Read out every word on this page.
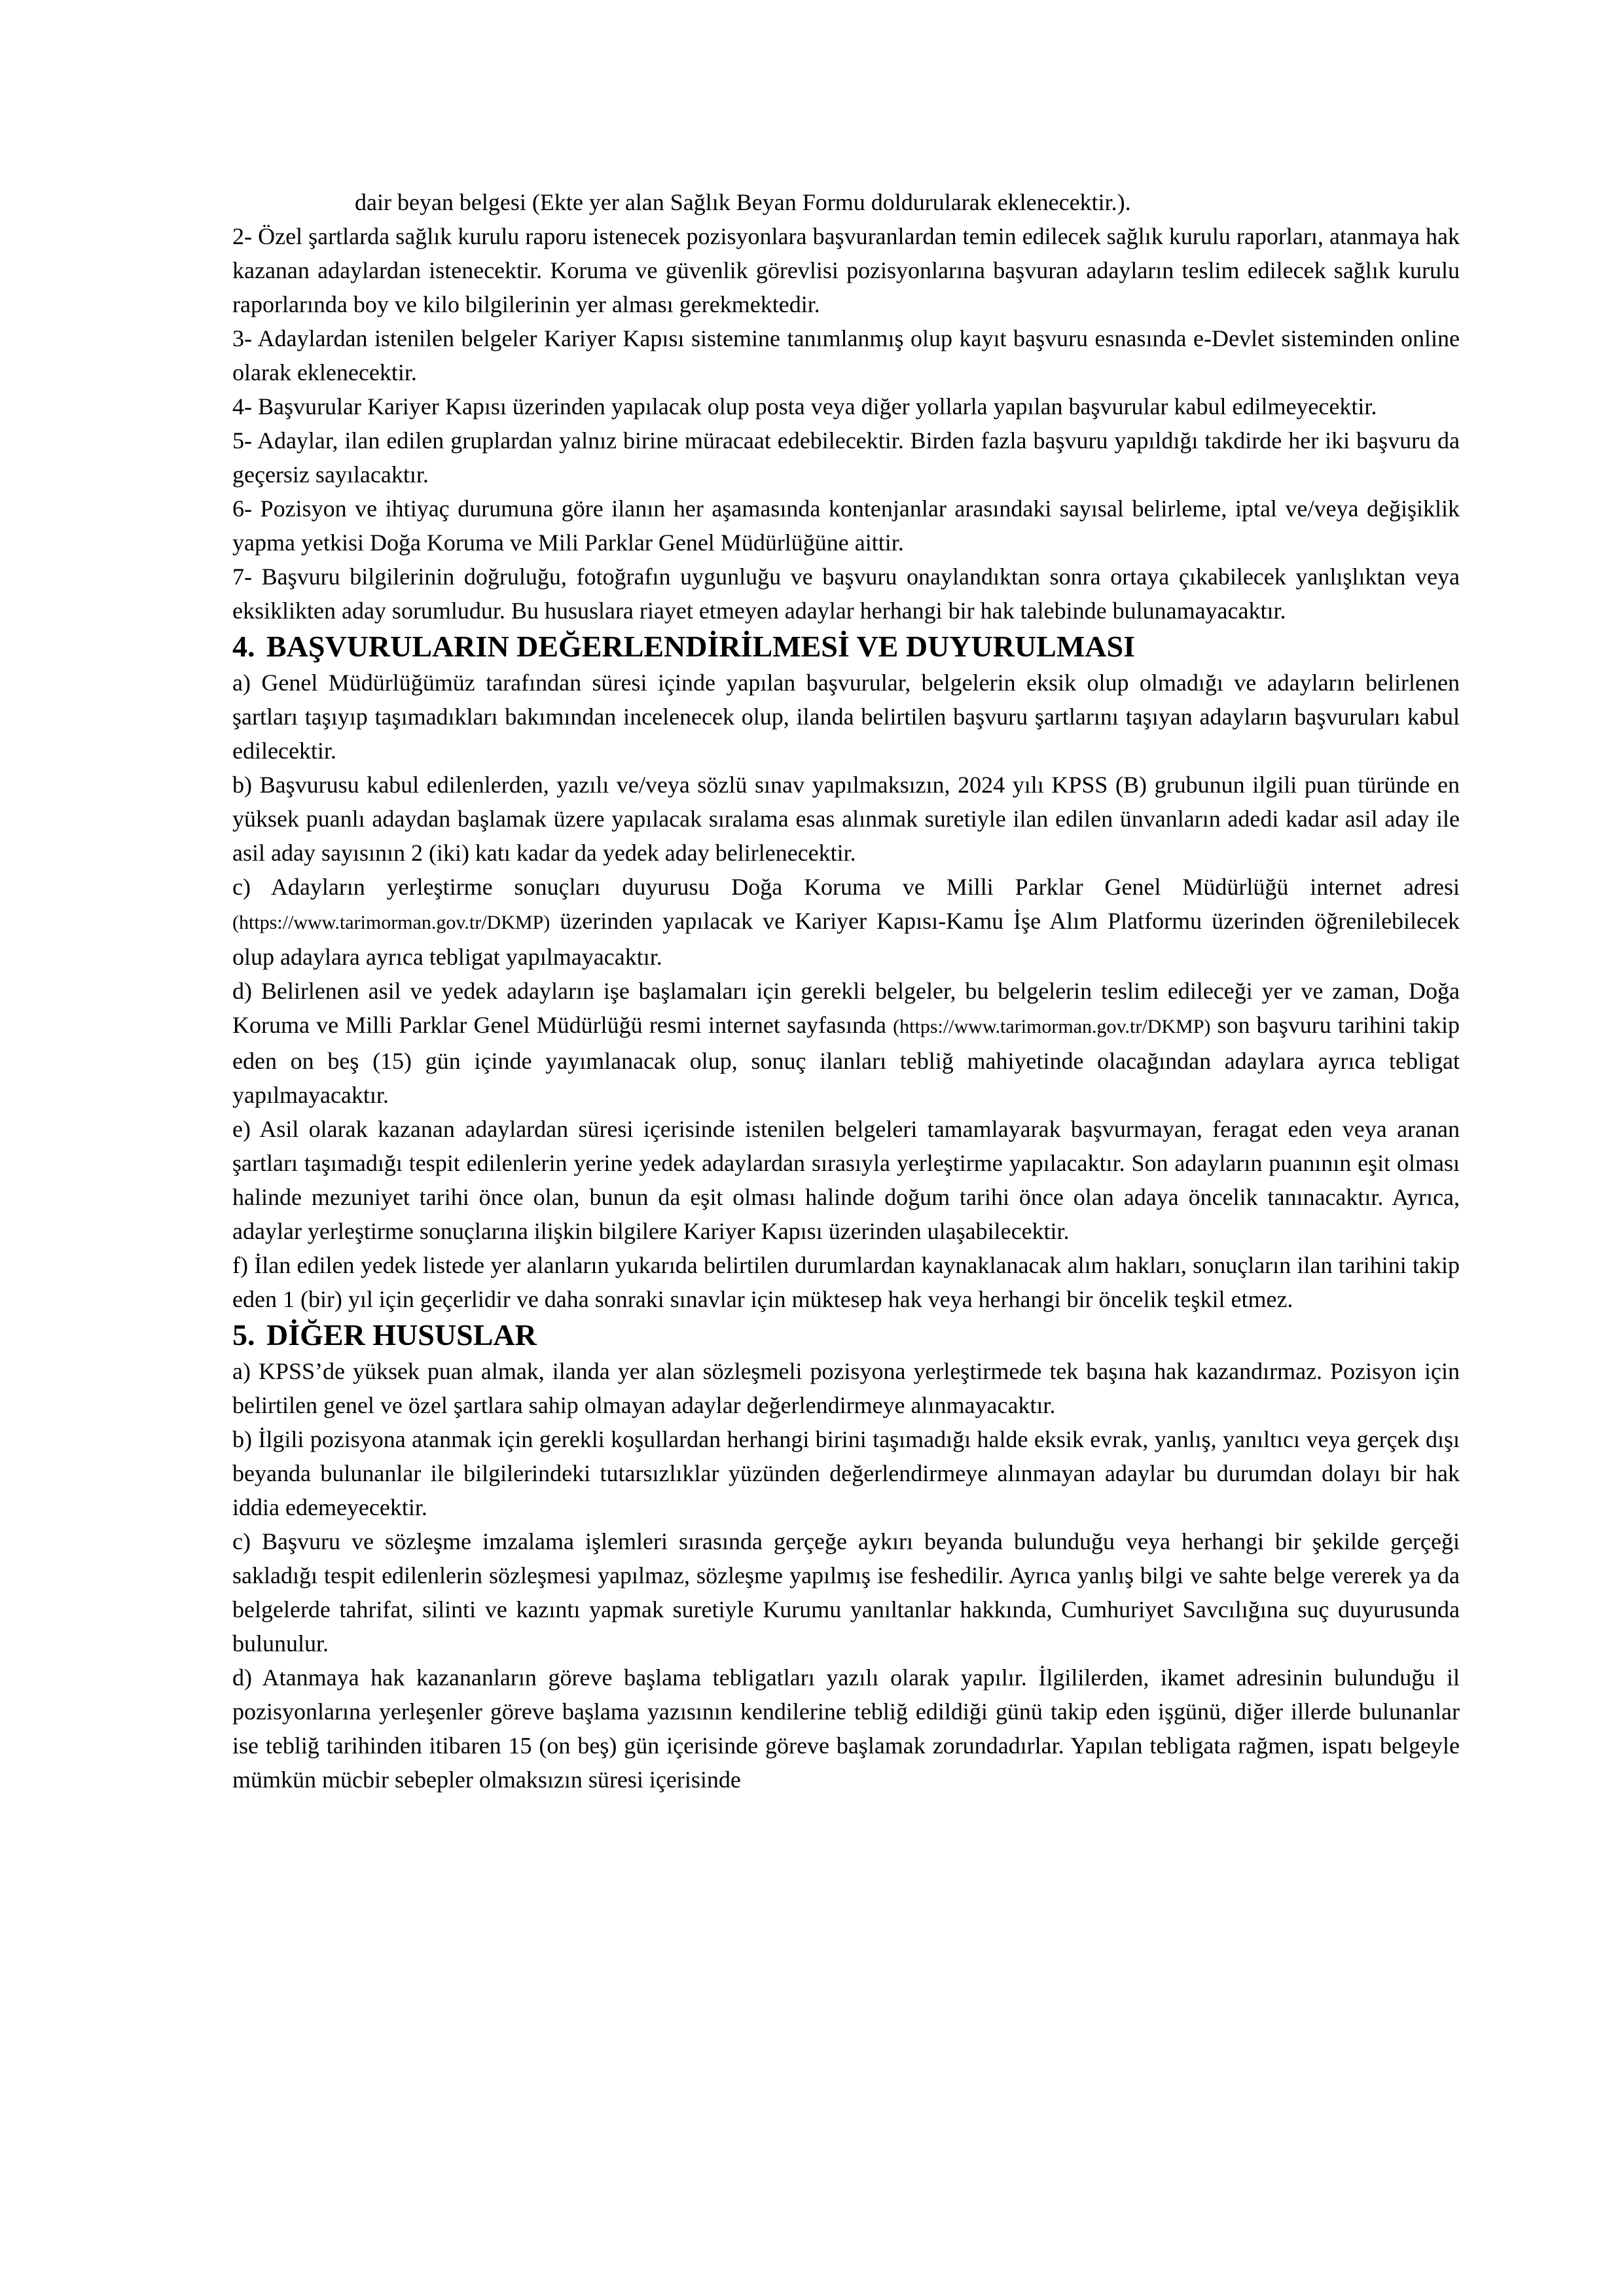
dair beyan belgesi (Ekte yer alan Sağlık Beyan Formu doldurularak eklenecektir.).

2- Özel şartlarda sağlık kurulu raporu istenecek pozisyonlara başvuranlardan temin edilecek sağlık kurulu raporları, atanmaya hak kazanan adaylardan istenecektir. Koruma ve güvenlik görevlisi pozisyonlarına başvuran adayların teslim edilecek sağlık kurulu raporlarında boy ve kilo bilgilerinin yer alması gerekmektedir.

3- Adaylardan istenilen belgeler Kariyer Kapısı sistemine tanımlanmış olup kayıt başvuru esnasında e-Devlet sisteminden online olarak eklenecektir.

4- Başvurular Kariyer Kapısı üzerinden yapılacak olup posta veya diğer yollarla yapılan başvurular kabul edilmeyecektir.

5- Adaylar, ilan edilen gruplardan yalnız birine müracaat edebilecektir. Birden fazla başvuru yapıldığı takdirde her iki başvuru da geçersiz sayılacaktır.

6- Pozisyon ve ihtiyaç durumuna göre ilanın her aşamasında kontenjanlar arasındaki sayısal belirleme, iptal ve/veya değişiklik yapma yetkisi Doğa Koruma ve Mili Parklar Genel Müdürlüğüne aittir.

7- Başvuru bilgilerinin doğruluğu, fotoğrafın uygunluğu ve başvuru onaylandıktan sonra ortaya çıkabilecek yanlışlıktan veya eksiklikten aday sorumludur. Bu hususlara riayet etmeyen adaylar herhangi bir hak talebinde bulunamayacaktır.

4. BAŞVURULARIN DEĞERLENDİRİLMESİ VE DUYURULMASI

a) Genel Müdürlüğümüz tarafından süresi içinde yapılan başvurular, belgelerin eksik olup olmadığı ve adayların belirlenen şartları taşıyıp taşımadıkları bakımından incelenecek olup, ilanda belirtilen başvuru şartlarını taşıyan adayların başvuruları kabul edilecektir.

b) Başvurusu kabul edilenlerden, yazılı ve/veya sözlü sınav yapılmaksızın, 2024 yılı KPSS (B) grubunun ilgili puan türünde en yüksek puanlı adaydan başlamak üzere yapılacak sıralama esas alınmak suretiyle ilan edilen ünvanların adedi kadar asil aday ile asil aday sayısının 2 (iki) katı kadar da yedek aday belirlenecektir.

c) Adayların yerleştirme sonuçları duyurusu Doğa Koruma ve Milli Parklar Genel Müdürlüğü internet adresi (https://www.tarimorman.gov.tr/DKMP) üzerinden yapılacak ve Kariyer Kapısı-Kamu İşe Alım Platformu üzerinden öğrenilebilecek olup adaylara ayrıca tebligat yapılmayacaktır.

d) Belirlenen asil ve yedek adayların işe başlamaları için gerekli belgeler, bu belgelerin teslim edileceği yer ve zaman, Doğa Koruma ve Milli Parklar Genel Müdürlüğü resmi internet sayfasında (https://www.tarimorman.gov.tr/DKMP) son başvuru tarihini takip eden on beş (15) gün içinde yayımlanacak olup, sonuç ilanları tebliğ mahiyetinde olacağından adaylara ayrıca tebligat yapılmayacaktır.

e) Asil olarak kazanan adaylardan süresi içerisinde istenilen belgeleri tamamlayarak başvurmayan, feragat eden veya aranan şartları taşımadığı tespit edilenlerin yerine yedek adaylardan sırasıyla yerleştirme yapılacaktır. Son adayların puanının eşit olması halinde mezuniyet tarihi önce olan, bunun da eşit olması halinde doğum tarihi önce olan adaya öncelik tanınacaktır. Ayrıca, adaylar yerleştirme sonuçlarına ilişkin bilgilere Kariyer Kapısı üzerinden ulaşabilecektir.

f) İlan edilen yedek listede yer alanların yukarıda belirtilen durumlardan kaynaklanacak alım hakları, sonuçların ilan tarihini takip eden 1 (bir) yıl için geçerlidir ve daha sonraki sınavlar için müktesep hak veya herhangi bir öncelik teşkil etmez.

5. DİĞER HUSUSLAR

a) KPSS’de yüksek puan almak, ilanda yer alan sözleşmeli pozisyona yerleştirmede tek başına hak kazandırmaz. Pozisyon için belirtilen genel ve özel şartlara sahip olmayan adaylar değerlendirmeye alınmayacaktır.

b) İlgili pozisyona atanmak için gerekli koşullardan herhangi birini taşımadığı halde eksik evrak, yanlış, yanıltıcı veya gerçek dışı beyanda bulunanlar ile bilgilerindeki tutarsızlıklar yüzünden değerlendirmeye alınmayan adaylar bu durumdan dolayı bir hak iddia edemeyecektir.

c) Başvuru ve sözleşme imzalama işlemleri sırasında gerçeğe aykırı beyanda bulunduğu veya herhangi bir şekilde gerçeği sakladığı tespit edilenlerin sözleşmesi yapılmaz, sözleşme yapılmış ise feshedilir. Ayrıca yanlış bilgi ve sahte belge vererek ya da belgelerde tahrifat, silinti ve kazıntı yapmak suretiyle Kurumu yanıltanlar hakkında, Cumhuriyet Savcılığına suç duyurusunda bulunulur.

d) Atanmaya hak kazananların göreve başlama tebligatları yazılı olarak yapılır. İlgililerden, ikamet adresinin bulunduğu il pozisyonlarına yerleşenler göreve başlama yazısının kendilerine tebliğ edildiği günü takip eden işgünü, diğer illerde bulunanlar ise tebliğ tarihinden itibaren 15 (on beş) gün içerisinde göreve başlamak zorundadırlar. Yapılan tebligata rağmen, ispatı belgeyle mümkün mücbir sebepler olmaksızın süresi içerisinde
